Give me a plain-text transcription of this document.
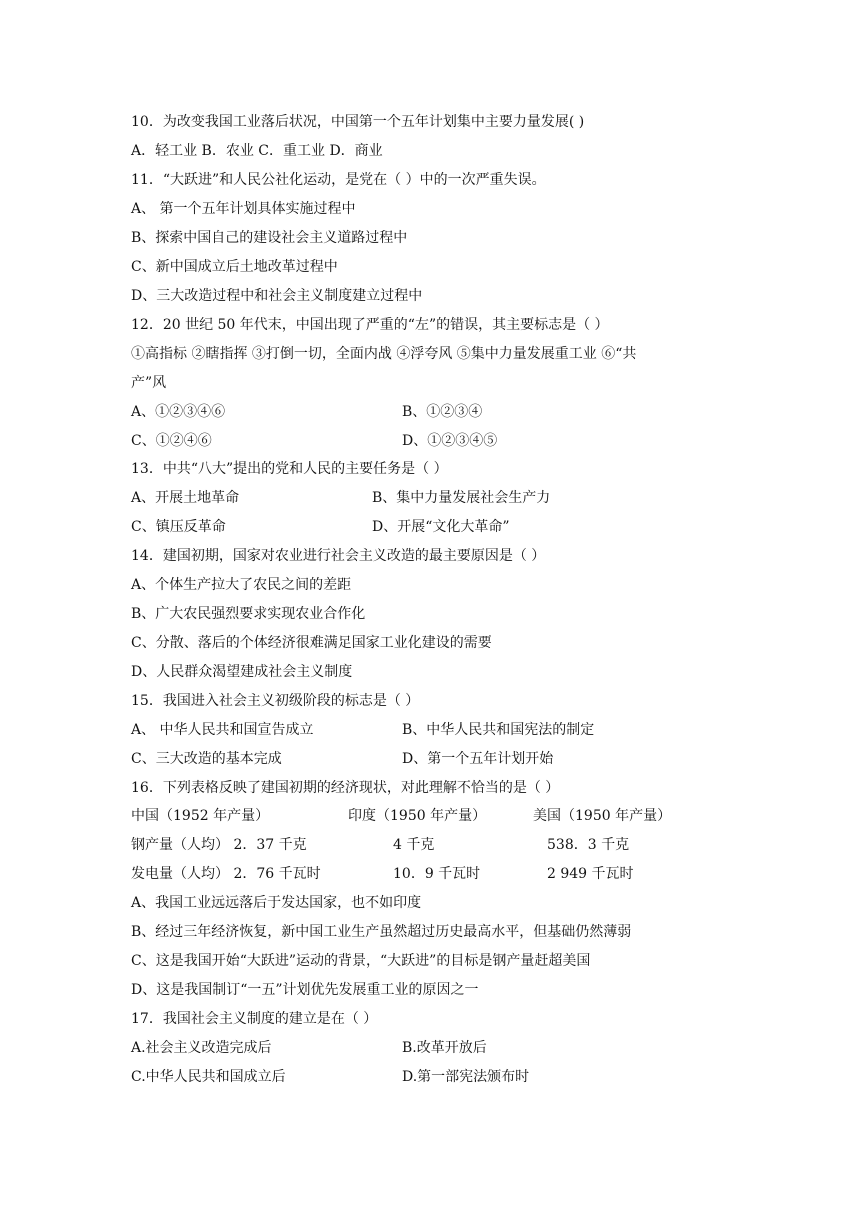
10．为改变我国工业落后状况，中国第一个五年计划集中主要力量发展( )
A．轻工业 B．农业 C．重工业 D．商业
11．“大跃进”和人民公社化运动，是党在（ ）中的一次严重失误。
A、 第一个五年计划具体实施过程中
B、探索中国自己的建设社会主义道路过程中
C、新中国成立后土地改革过程中
D、三大改造过程中和社会主义制度建立过程中
12．20 世纪 50 年代末，中国出现了严重的“左”的错误，其主要标志是（ ）
①高指标 ②瞎指挥 ③打倒一切，全面内战 ④浮夸风 ⑤集中力量发展重工业 ⑥“共
产”风
A、①②③④⑥	B、①②③④
C、①②④⑥	D、①②③④⑤
13．中共“八大”提出的党和人民的主要任务是（ ）
A、开展土地革命	B、集中力量发展社会生产力
C、镇压反革命	D、开展“文化大革命”
14．建国初期，国家对农业进行社会主义改造的最主要原因是（ ）
A、个体生产拉大了农民之间的差距
B、广大农民强烈要求实现农业合作化
C、分散、落后的个体经济很难满足国家工业化建设的需要
D、人民群众渴望建成社会主义制度
15．我国进入社会主义初级阶段的标志是（ ）
A、 中华人民共和国宣告成立	B、中华人民共和国宪法的制定
C、三大改造的基本完成	D、第一个五年计划开始
16．下列表格反映了建国初期的经济现状，对此理解不恰当的是（ ）
中国（1952 年产量）	印度（1950 年产量）	美国（1950 年产量）
钢产量（人均） 2．37 千克	4 千克	538．3 千克
发电量（人均） 2．76 千瓦时	10．9 千瓦时	2 949 千瓦时
A、我国工业远远落后于发达国家，也不如印度
B、经过三年经济恢复，新中国工业生产虽然超过历史最高水平，但基础仍然薄弱
C、这是我国开始“大跃进”运动的背景，“大跃进”的目标是钢产量赶超美国
D、这是我国制订“一五”计划优先发展重工业的原因之一
17．我国社会主义制度的建立是在（ ）
A.社会主义改造完成后	B.改革开放后
C.中华人民共和国成立后	D.第一部宪法颁布时
